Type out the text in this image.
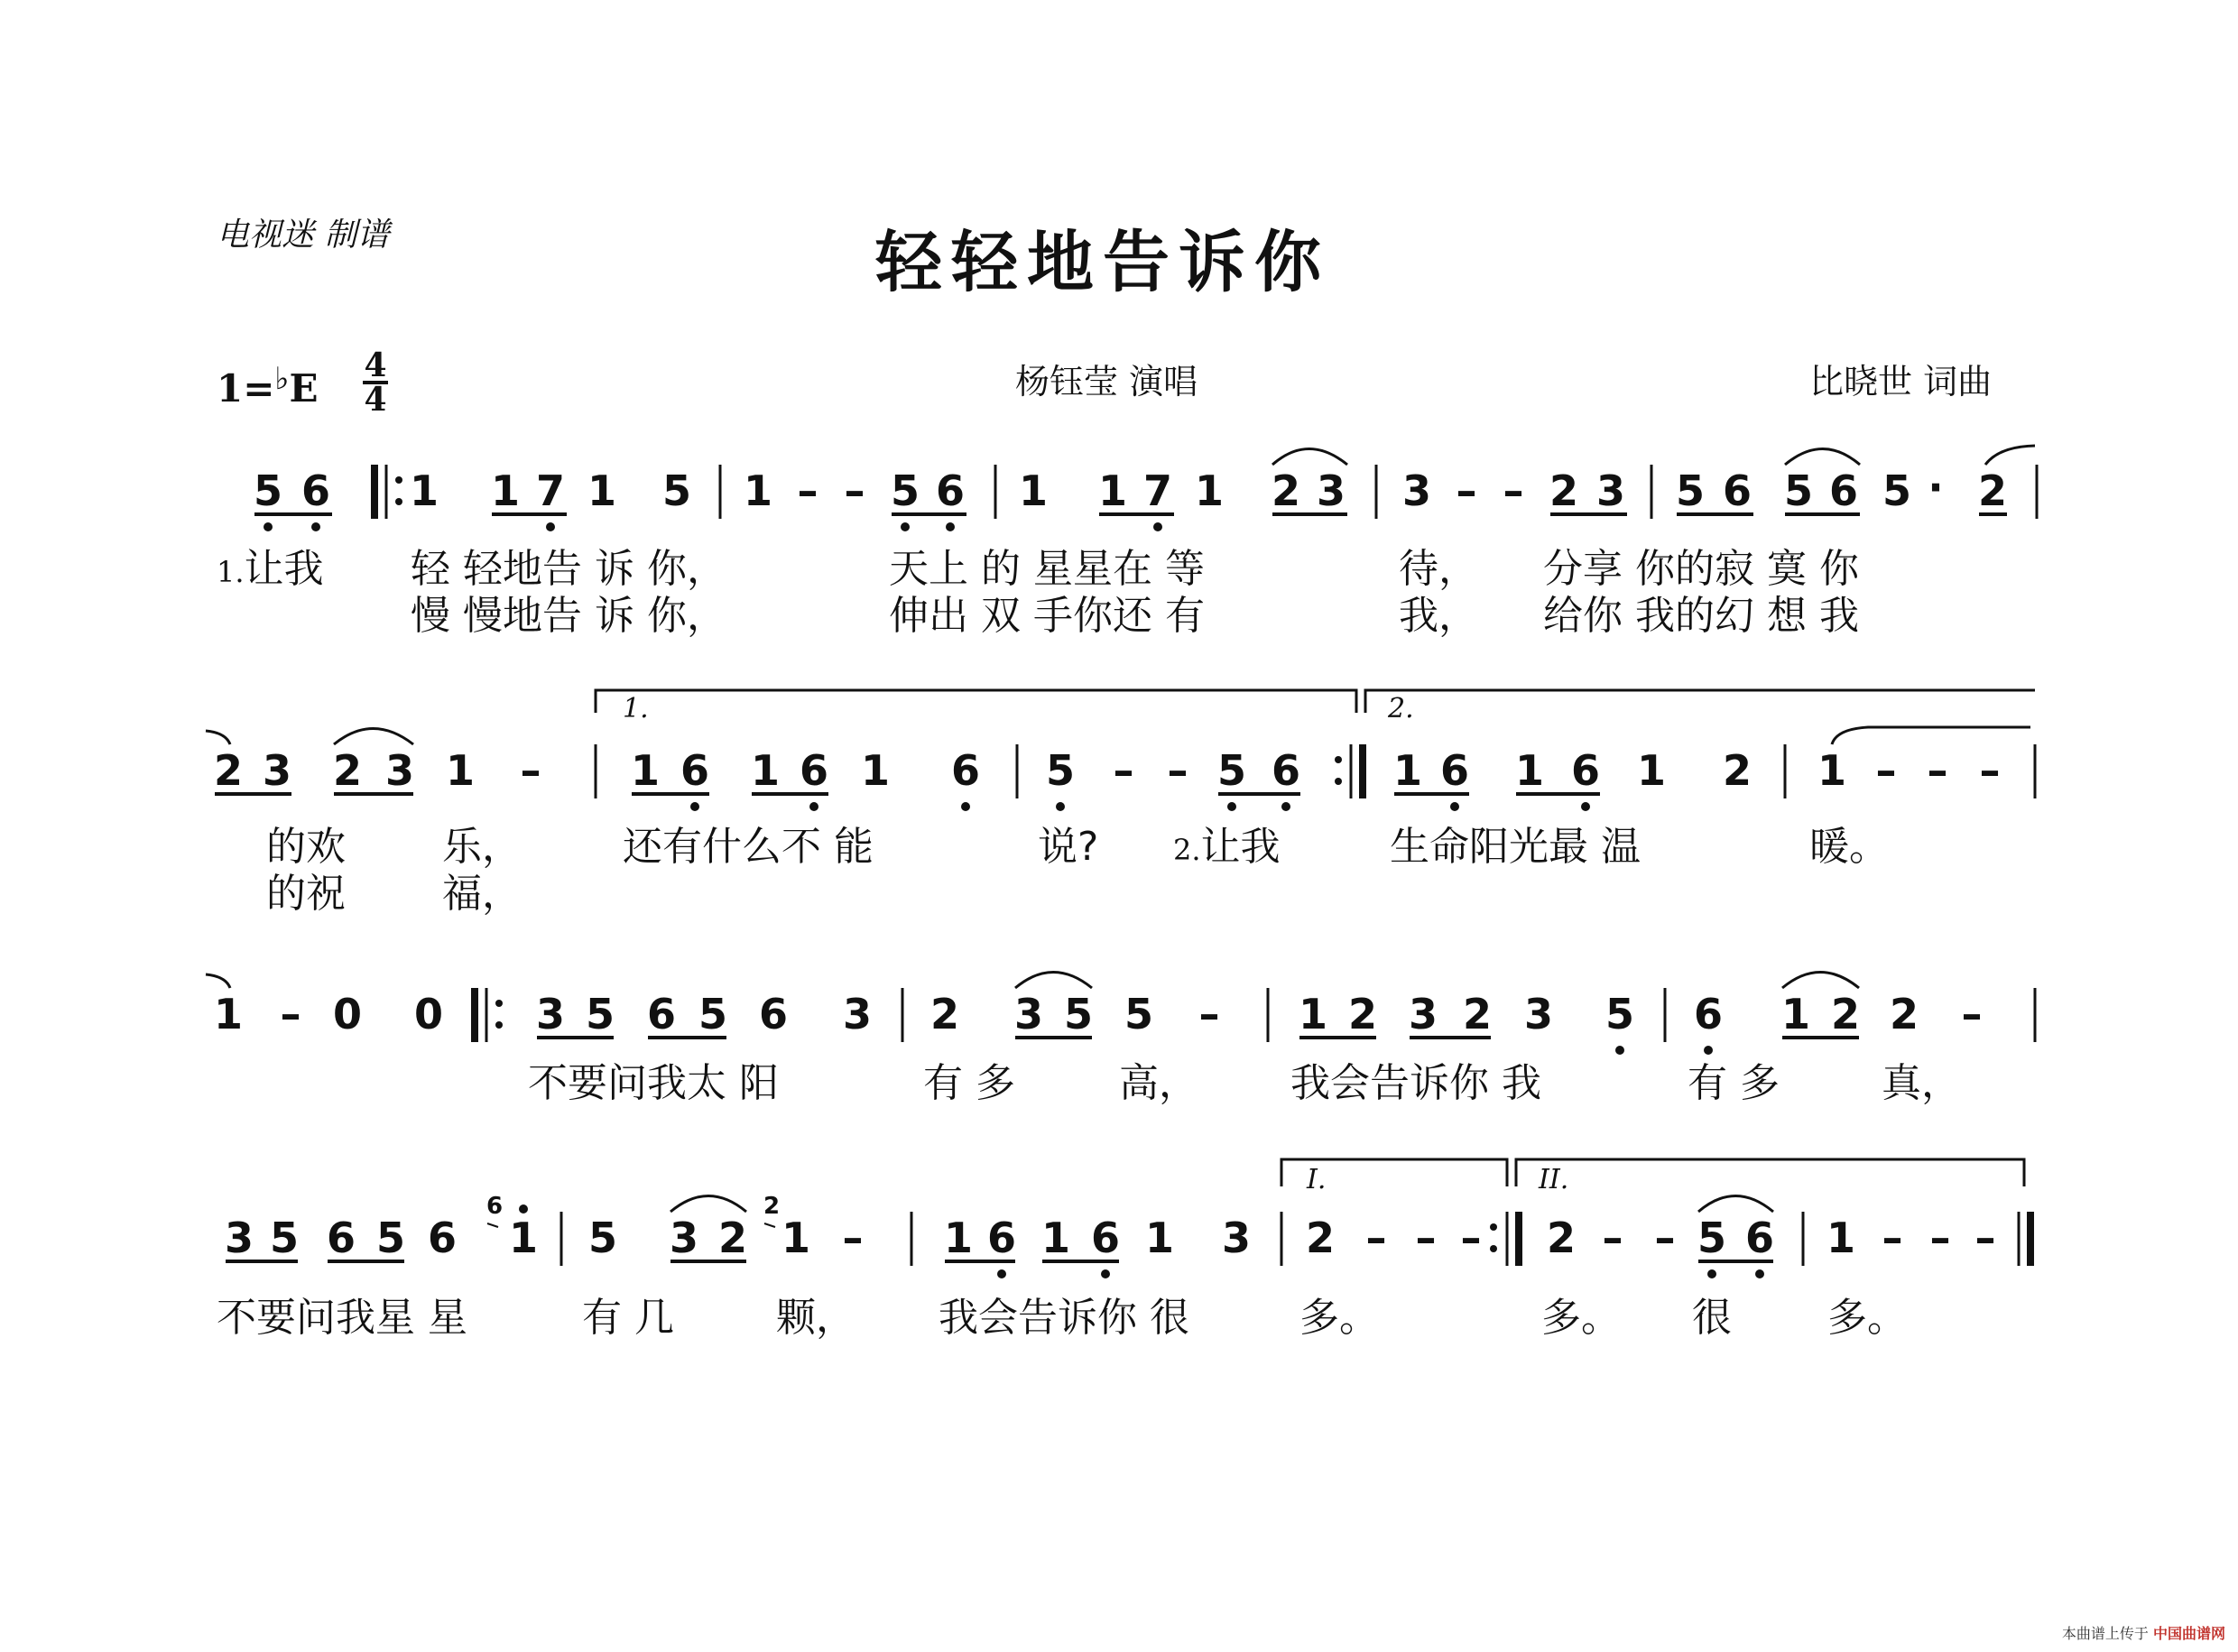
电视迷 制谱	轻轻地告诉你
杨钰莹 演唱	比晓世 词曲
1=♭E
4
4
5 6 1 1 7 1 5 1 – – 5 6 1 1 7 1 2 3 3 – – 2 3 5 6 5 6 5 · 2
2 3 2 3 1 – 1 6 1 6 1 6 5 – – 5 6 1 6 1 6 1 2 1 – – –
1 – 0 0 3 5 6 5 6 3 2 3 5 5 – 1 2 3 2 3 5 6 1 2 2 –
3 5 6 5 6
6
1 5 3 2
2
1 – 1 6 1 6 1 3 2 – – – 2 – – 5 6 1 – – –
1.	2.
I.	II.
1.让我 轻 轻地告 诉 你，	天上 的 星星在 等	待， 分享 你的寂 寞 你
慢 慢地告 诉 你，	伸出 双 手你还 有	我， 给你 我的幻 想 我
的欢 乐，	还有什么不 能	说?	2.让我	生命阳光最 温	暖。
的祝 福，
不要问我太 阳	有 多	高， 我会告诉你 我	有 多	真，
不要问我星 星	有 几	颗， 我会告诉你 很	多。	多。 很 多。
本曲谱上传于 中国曲谱网
